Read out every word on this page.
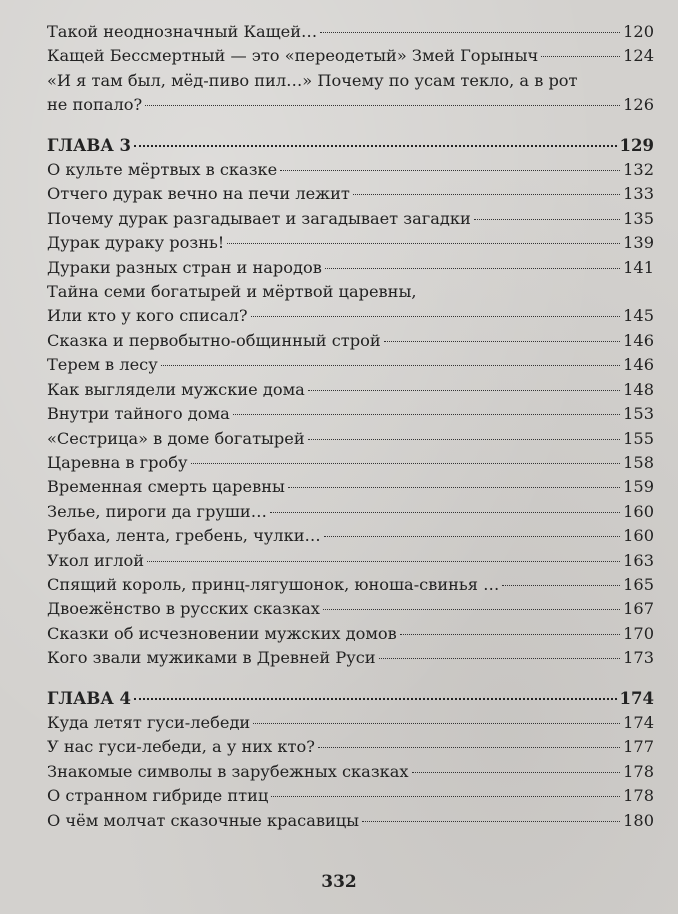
Такой неоднозначный Кащей…	120
Кащей Бессмертный — это «переодетый» Змей Горыныч	124
«И я там был, мёд-пиво пил…» Почему по усам текло, а в рот
не попало?	126
ГЛАВА 3	129
О культе мёртвых в сказке	132
Отчего дурак вечно на печи лежит	133
Почему дурак разгадывает и загадывает загадки	135
Дурак дураку рознь!	139
Дураки разных стран и народов	141
Тайна семи богатырей и мёртвой царевны,
Или кто у кого списал?	145
Сказка и первобытно-общинный строй	146
Терем в лесу	146
Как выглядели мужские дома	148
Внутри тайного дома	153
«Сестрица» в доме богатырей	155
Царевна в гробу	158
Временная смерть царевны	159
Зелье, пироги да груши…	160
Рубаха, лента, гребень, чулки…	160
Укол иглой	163
Спящий король, принц-лягушонок, юноша-свинья …	165
Двоежёнство в русских сказках	167
Сказки об исчезновении мужских домов	170
Кого звали мужиками в Древней Руси	173
ГЛАВА 4	174
Куда летят гуси-лебеди	174
У нас гуси-лебеди, а у них кто?	177
Знакомые символы в зарубежных сказках	178
О странном гибриде птиц	178
О чём молчат сказочные красавицы	180
332
